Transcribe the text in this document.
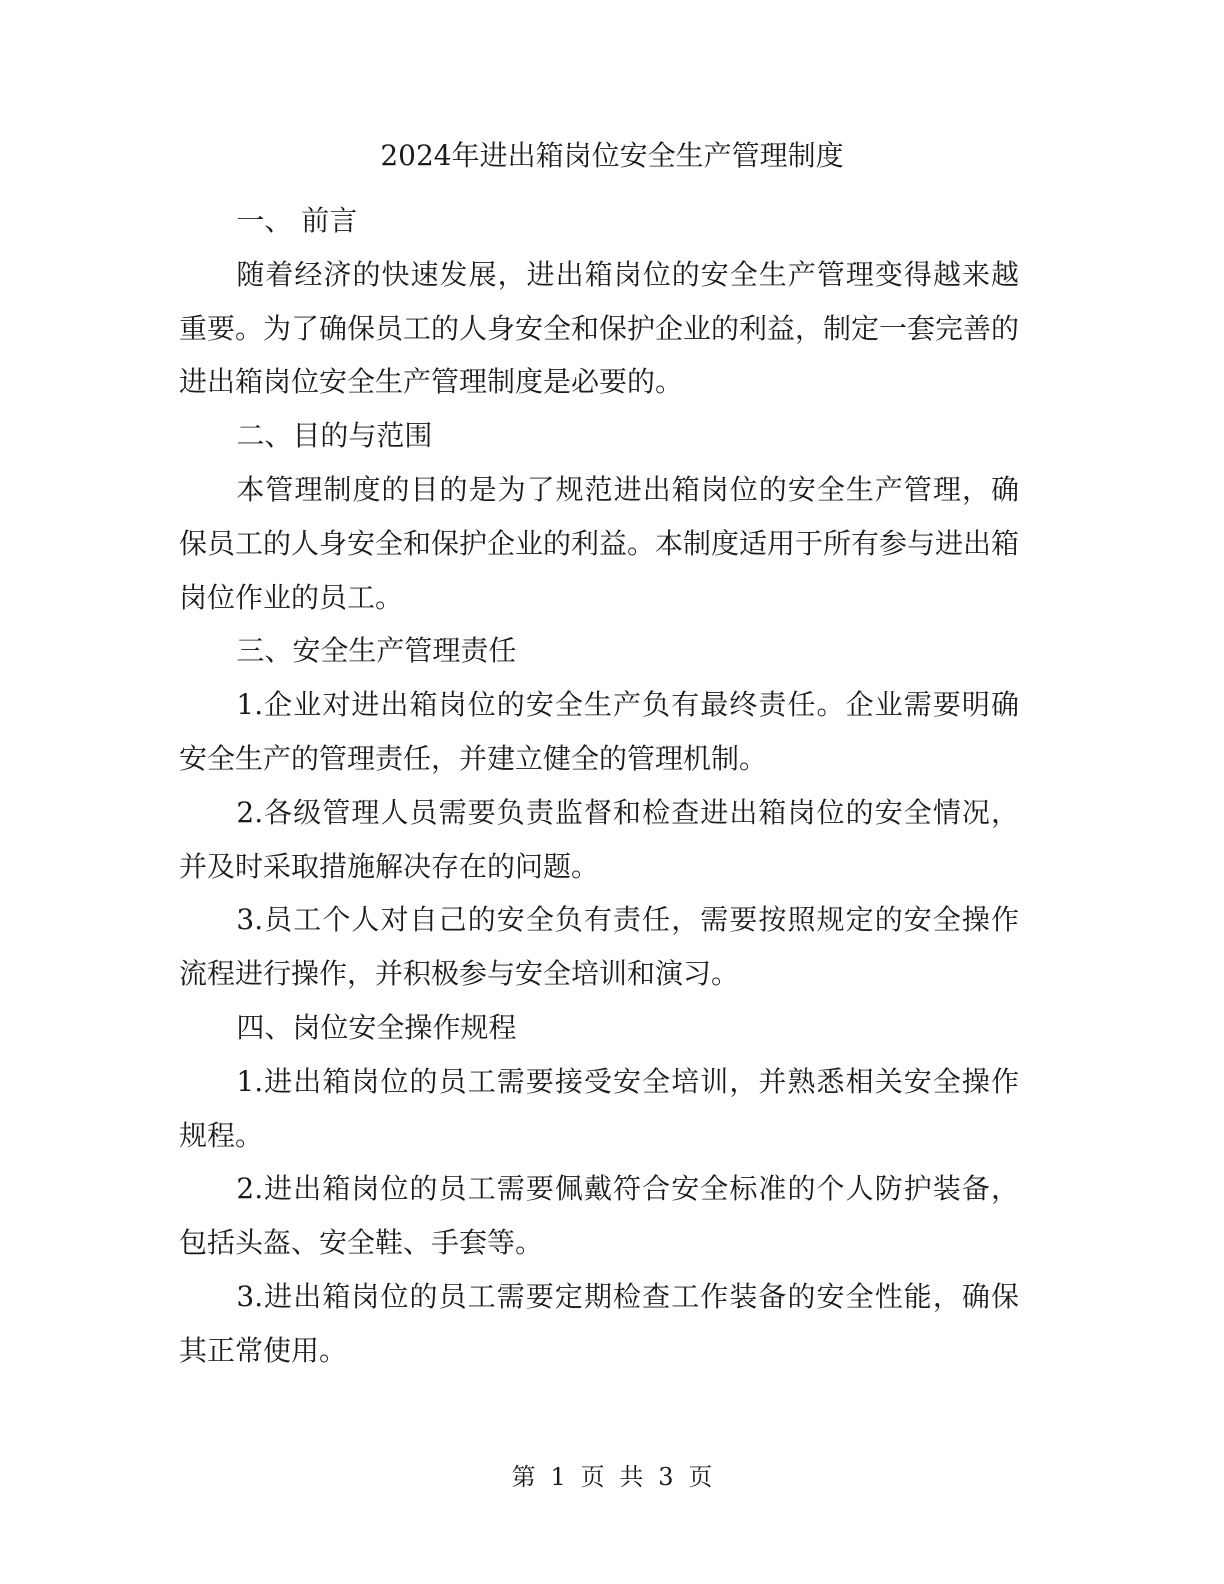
2024年进出箱岗位安全生产管理制度

一、 前言

随着经济的快速发展，进出箱岗位的安全生产管理变得越来越重要。为了确保员工的人身安全和保护企业的利益，制定一套完善的进出箱岗位安全生产管理制度是必要的。

二、目的与范围

本管理制度的目的是为了规范进出箱岗位的安全生产管理，确保员工的人身安全和保护企业的利益。本制度适用于所有参与进出箱岗位作业的员工。

三、安全生产管理责任

1.企业对进出箱岗位的安全生产负有最终责任。企业需要明确安全生产的管理责任，并建立健全的管理机制。

2.各级管理人员需要负责监督和检查进出箱岗位的安全情况，并及时采取措施解决存在的问题。

3.员工个人对自己的安全负有责任，需要按照规定的安全操作流程进行操作，并积极参与安全培训和演习。

四、岗位安全操作规程

1.进出箱岗位的员工需要接受安全培训，并熟悉相关安全操作规程。

2.进出箱岗位的员工需要佩戴符合安全标准的个人防护装备，包括头盔、安全鞋、手套等。

3.进出箱岗位的员工需要定期检查工作装备的安全性能，确保其正常使用。

第 1 页 共 3 页
